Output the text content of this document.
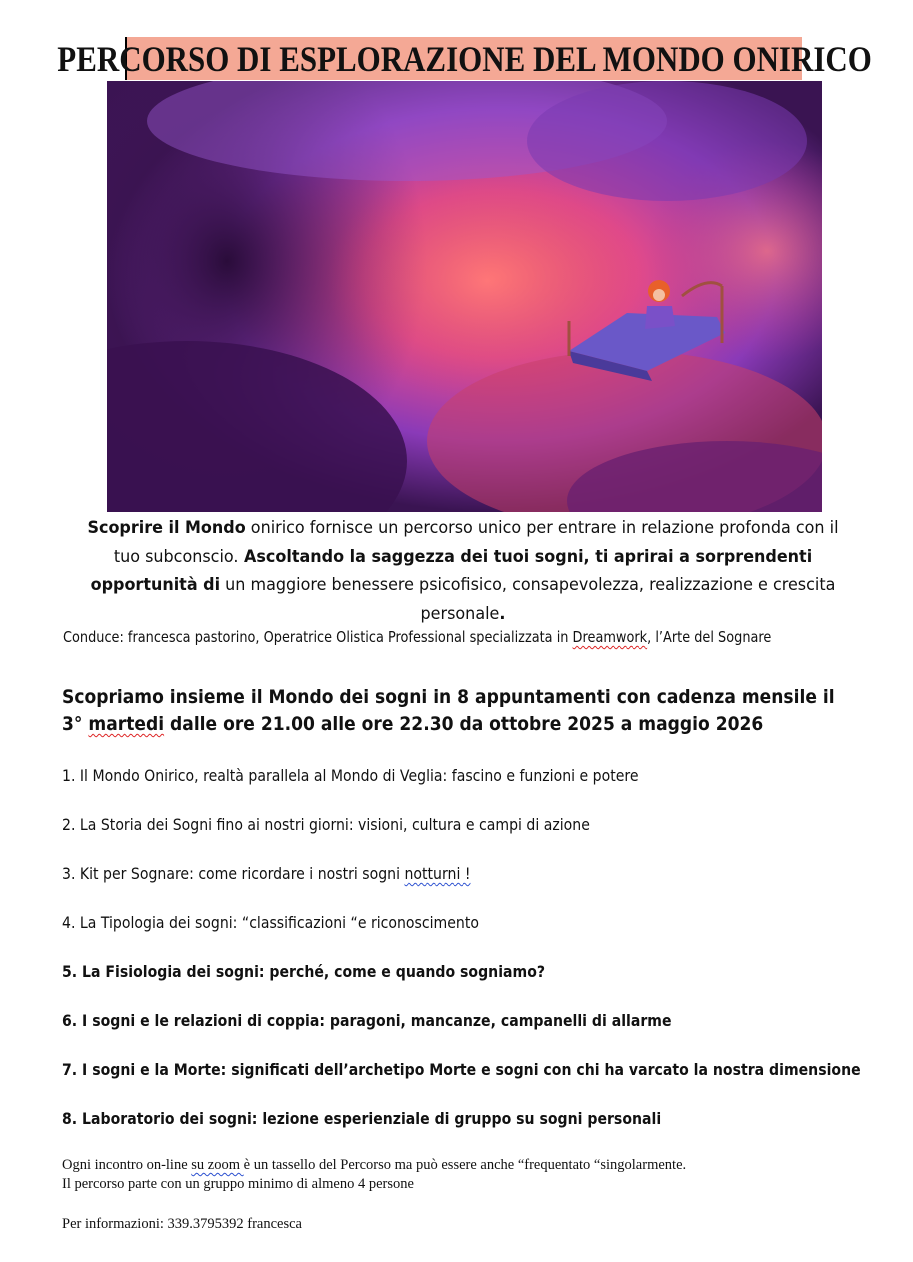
PERCORSO DI ESPLORAZIONE DEL MONDO ONIRICO
Scoprire il Mondo onirico fornisce un percorso unico per entrare in relazione profonda con il tuo subconscio. Ascoltando la saggezza dei tuoi sogni, ti aprirai a sorprendenti opportunità di un maggiore benessere psicofisico, consapevolezza, realizzazione e crescita personale.
Conduce: francesca pastorino, Operatrice Olistica Professional specializzata in Dreamwork, l’Arte del Sognare
Scopriamo insieme il Mondo dei sogni in 8 appuntamenti con cadenza mensile il 3° martedi dalle ore 21.00 alle ore 22.30 da ottobre 2025 a maggio 2026
1. Il Mondo Onirico, realtà parallela al Mondo di Veglia: fascino e funzioni e potere
2. La Storia dei Sogni fino ai nostri giorni: visioni, cultura e campi di azione
3. Kit per Sognare: come ricordare i nostri sogni notturni !
4. La Tipologia dei sogni: “classificazioni “e riconoscimento
5. La Fisiologia dei sogni: perché, come e quando sogniamo?
6. I sogni e le relazioni di coppia: paragoni, mancanze, campanelli di allarme
7. I sogni e la Morte: significati dell’archetipo Morte e sogni con chi ha varcato la nostra dimensione
8. Laboratorio dei sogni: lezione esperienziale di gruppo su sogni personali
Ogni incontro on-line su zoom è un tassello del Percorso ma può essere anche “frequentato “singolarmente.
Il percorso parte con un gruppo minimo di almeno 4 persone
Per informazioni: 339.3795392 francesca
